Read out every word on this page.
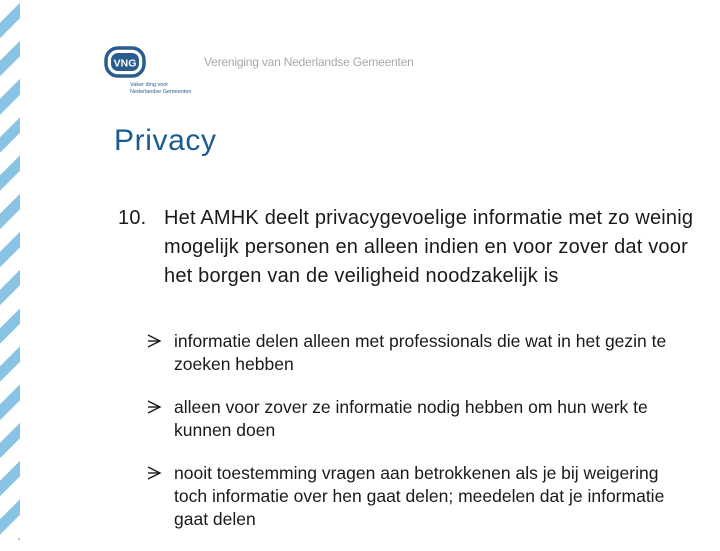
VNG
Vaker ding voor
Nederlandse Gemeenten
Vereniging van Nederlandse Gemeenten
Privacy
10. Het AMHK deelt privacygevoelige informatie met zo weinig mogelijk personen en alleen indien en voor zover dat voor het borgen van de veiligheid noodzakelijk is
informatie delen alleen met professionals die wat in het gezin te zoeken hebben
alleen voor zover ze informatie nodig hebben om hun werk te kunnen doen
nooit toestemming vragen aan betrokkenen als je bij weigering toch informatie over hen gaat delen; meedelen dat je informatie gaat delen
